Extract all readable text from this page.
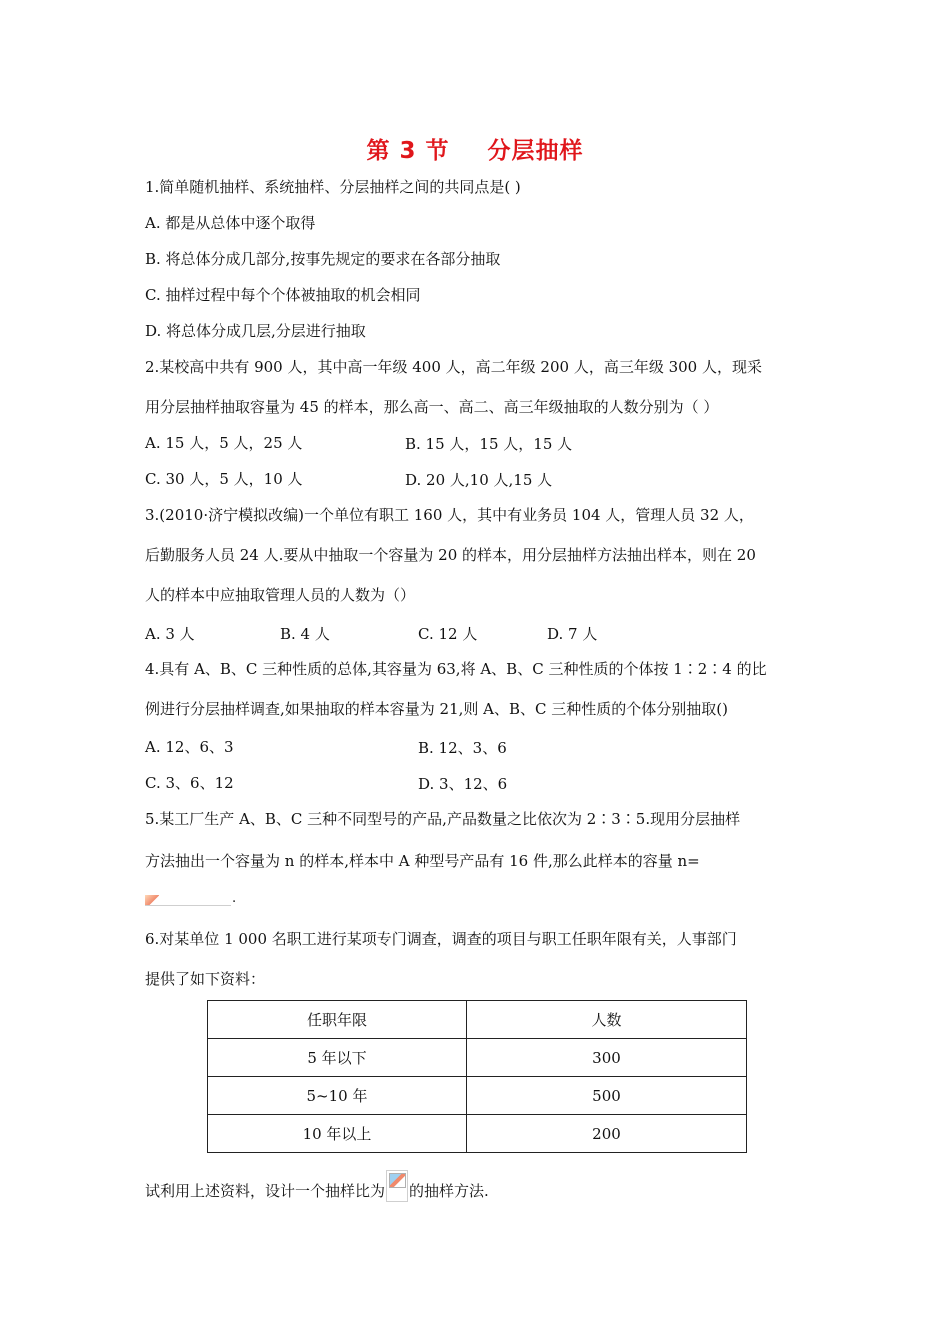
第 3 节 分层抽样
1.简单随机抽样、系统抽样、分层抽样之间的共同点是( )
A. 都是从总体中逐个取得
B. 将总体分成几部分,按事先规定的要求在各部分抽取
C. 抽样过程中每个个体被抽取的机会相同
D. 将总体分成几层,分层进行抽取
2.某校高中共有 900 人，其中高一年级 400 人，高二年级 200 人，高三年级 300 人，现采
用分层抽样抽取容量为 45 的样本，那么高一、高二、高三年级抽取的人数分别为（ ）
A. 15 人，5 人，25 人	B. 15 人，15 人，15 人
C. 30 人，5 人，10 人	D. 20 人,10 人,15 人
3.(2010·济宁模拟改编)一个单位有职工 160 人，其中有业务员 104 人，管理人员 32 人，
后勤服务人员 24 人.要从中抽取一个容量为 20 的样本，用分层抽样方法抽出样本，则在 20
人的样本中应抽取管理人员的人数为（）
A. 3 人	B. 4 人	C. 12 人	D. 7 人
4.具有 A、B、C 三种性质的总体,其容量为 63,将 A、B、C 三种性质的个体按 1∶2∶4 的比
例进行分层抽样调查,如果抽取的样本容量为 21,则 A、B、C 三种性质的个体分别抽取()
A. 12、6、3	B. 12、3、6
C. 3、6、12	D. 3、12、6
5.某工厂生产 A、B、C 三种不同型号的产品,产品数量之比依次为 2∶3∶5.现用分层抽样
方法抽出一个容量为 n 的样本,样本中 A 种型号产品有 16 件,那么此样本的容量 n=
.
6.对某单位 1 000 名职工进行某项专门调查，调查的项目与职工任职年限有关，人事部门
提供了如下资料：
任职年限	人数
5 年以下	300
5~10 年	500
10 年以上	200
试利用上述资料，设计一个抽样比为 的抽样方法.
